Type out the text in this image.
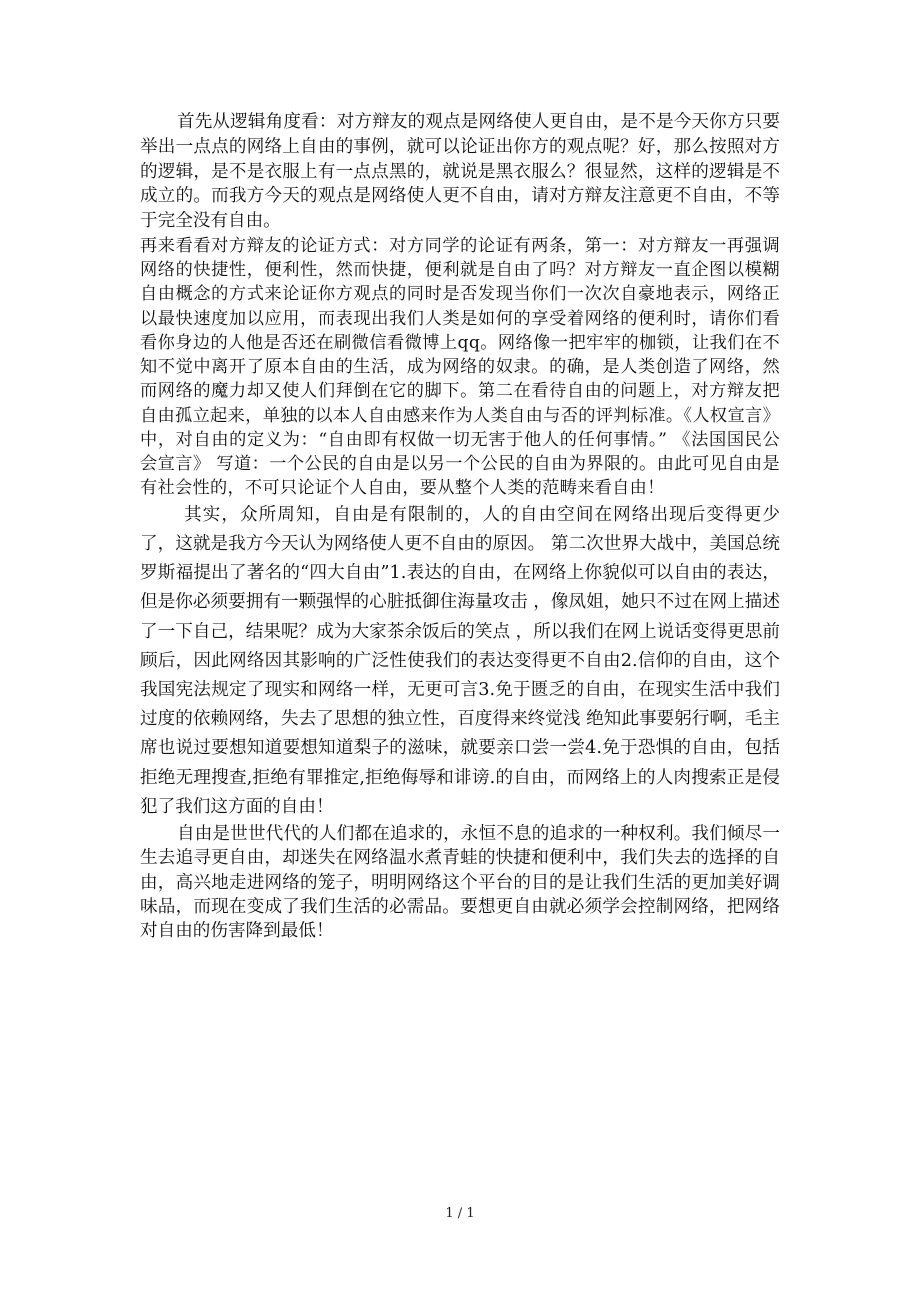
首先从逻辑角度看：对方辩友的观点是网络使人更自由，是不是今天你方只要举出一点点的网络上自由的事例，就可以论证出你方的观点呢？好，那么按照对方的逻辑，是不是衣服上有一点点黑的，就说是黑衣服么？很显然，这样的逻辑是不成立的。而我方今天的观点是网络使人更不自由，请对方辩友注意更不自由，不等于完全没有自由。

再来看看对方辩友的论证方式：对方同学的论证有两条，第一：对方辩友一再强调网络的快捷性，便利性，然而快捷，便利就是自由了吗？对方辩友一直企图以模糊自由概念的方式来论证你方观点的同时是否发现当你们一次次自豪地表示，网络正以最快速度加以应用，而表现出我们人类是如何的享受着网络的便利时，请你们看看你身边的人他是否还在刷微信看微博上qq。网络像一把牢牢的枷锁，让我们在不知不觉中离开了原本自由的生活，成为网络的奴隶。的确，是人类创造了网络，然而网络的魔力却又使人们拜倒在它的脚下。第二在看待自由的问题上，对方辩友把自由孤立起来，单独的以本人自由感来作为人类自由与否的评判标准。《人权宣言》中，对自由的定义为：“自由即有权做一切无害于他人的任何事情。” 《法国国民公会宣言》 写道：一个公民的自由是以另一个公民的自由为界限的。由此可见自由是有社会性的，不可只论证个人自由，要从整个人类的范畴来看自由！

其实，众所周知，自由是有限制的，人的自由空间在网络出现后变得更少了，这就是我方今天认为网络使人更不自由的原因。 第二次世界大战中，美国总统罗斯福提出了著名的“四大自由”1.表达的自由，在网络上你貌似可以自由的表达，但是你必须要拥有一颗强悍的心脏抵御住海量攻击 ，像凤姐，她只不过在网上描述了一下自己，结果呢？成为大家茶余饭后的笑点 ，所以我们在网上说话变得更思前顾后，因此网络因其影响的广泛性使我们的表达变得更不自由2.信仰的自由，这个我国宪法规定了现实和网络一样，无更可言3.免于匮乏的自由，在现实生活中我们过度的依赖网络，失去了思想的独立性，百度得来终觉浅 绝知此事要躬行啊，毛主席也说过要想知道要想知道梨子的滋味，就要亲口尝一尝4.免于恐惧的自由，包括拒绝无理搜查,拒绝有罪推定,拒绝侮辱和诽谤.的自由，而网络上的人肉搜索正是侵犯了我们这方面的自由！

自由是世世代代的人们都在追求的，永恒不息的追求的一种权利。我们倾尽一生去追寻更自由，却迷失在网络温水煮青蛙的快捷和便利中，我们失去的选择的自由，高兴地走进网络的笼子，明明网络这个平台的目的是让我们生活的更加美好调味品，而现在变成了我们生活的必需品。要想更自由就必须学会控制网络，把网络对自由的伤害降到最低！

1 / 1
